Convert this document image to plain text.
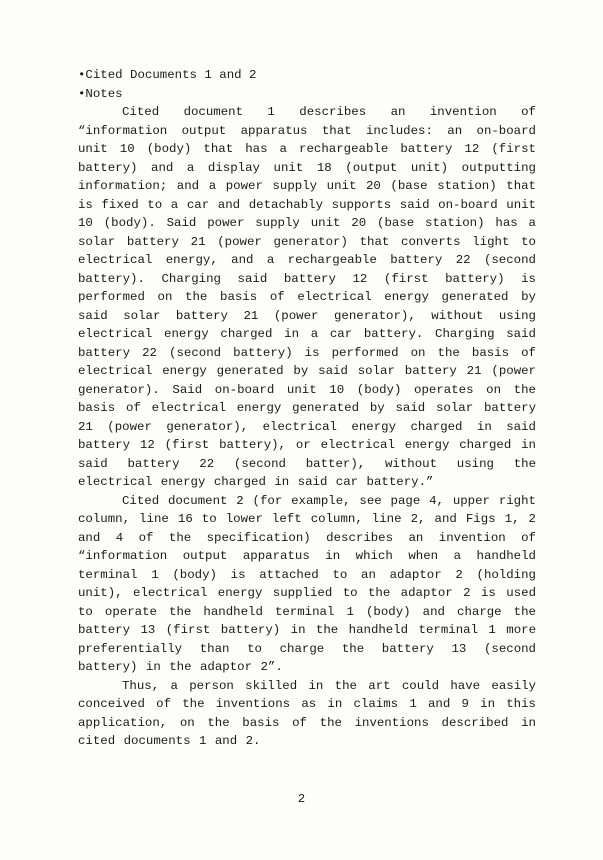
•Cited Documents 1 and 2

•Notes

Cited document 1 describes an invention of “information output apparatus that includes: an on-board unit 10 (body) that has a rechargeable battery 12 (first battery) and a display unit 18 (output unit) outputting information; and a power supply unit 20 (base station) that is fixed to a car and detachably supports said on-board unit 10 (body). Said power supply unit 20 (base station) has a solar battery 21 (power generator) that converts light to electrical energy, and a rechargeable battery 22 (second battery). Charging said battery 12 (first battery) is performed on the basis of electrical energy generated by said solar battery 21 (power generator), without using electrical energy charged in a car battery. Charging said battery 22 (second battery) is performed on the basis of electrical energy generated by said solar battery 21 (power generator). Said on-board unit 10 (body) operates on the basis of electrical energy generated by said solar battery 21 (power generator), electrical energy charged in said battery 12 (first battery), or electrical energy charged in said battery 22 (second batter), without using the electrical energy charged in said car battery.”

Cited document 2 (for example, see page 4, upper right column, line 16 to lower left column, line 2, and Figs 1, 2 and 4 of the specification) describes an invention of “information output apparatus in which when a handheld terminal 1 (body) is attached to an adaptor 2 (holding unit), electrical energy supplied to the adaptor 2 is used to operate the handheld terminal 1 (body) and charge the battery 13 (first battery) in the handheld terminal 1 more preferentially than to charge the battery 13 (second battery) in the adaptor 2”.

Thus, a person skilled in the art could have easily conceived of the inventions as in claims 1 and 9 in this application, on the basis of the inventions described in cited documents 1 and 2.

2
